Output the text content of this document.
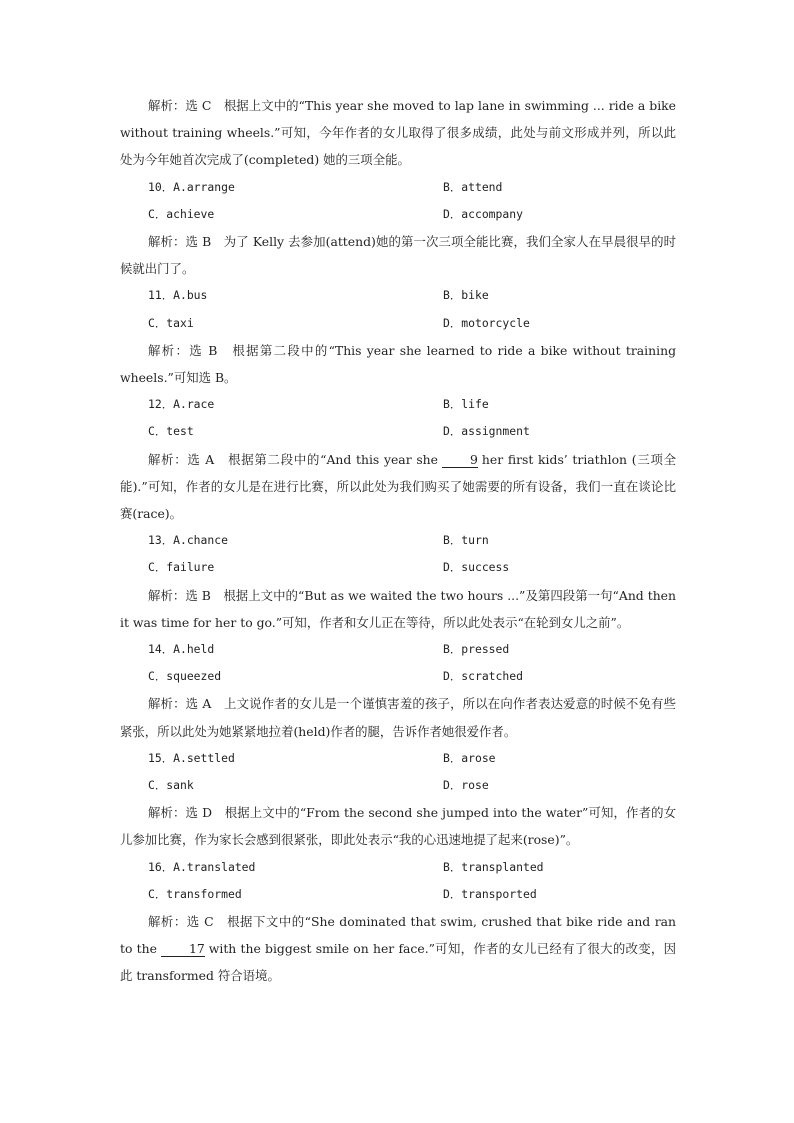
解析：选 C　根据上文中的“This year she moved to lap lane in swimming ... ride a bike without training wheels.”可知，今年作者的女儿取得了很多成绩，此处与前文形成并列，所以此处为今年她首次完成了(completed) 她的三项全能。

10．A.arrange	B．attend
C．achieve	D．accompany

解析：选 B　为了 Kelly 去参加(attend)她的第一次三项全能比赛，我们全家人在早晨很早的时候就出门了。

11．A.bus	B．bike
C．taxi	D．motorcycle

解析：选 B　根据第二段中的“This year she learned to ride a bike without training wheels.”可知选 B。

12．A.race	B．life
C．test	D．assignment

解析：选 A　根据第二段中的“And this year she	9 her first kids’ triathlon (三项全能).”可知，作者的女儿是在进行比赛，所以此处为我们购买了她需要的所有设备，我们一直在谈论比赛(race)。

13．A.chance	B．turn
C．failure	D．success

解析：选 B　根据上文中的“But as we waited the two hours ...”及第四段第一句“And then it was time for her to go.”可知，作者和女儿正在等待，所以此处表示“在轮到女儿之前”。

14．A.held	B．pressed
C．squeezed	D．scratched

解析：选 A　上文说作者的女儿是一个谨慎害羞的孩子，所以在向作者表达爱意的时候不免有些紧张，所以此处为她紧紧地拉着(held)作者的腿，告诉作者她很爱作者。

15．A.settled	B．arose
C．sank	D．rose

解析：选 D　根据上文中的“From the second she jumped into the water”可知，作者的女儿参加比赛，作为家长会感到很紧张，即此处表示“我的心迅速地提了起来(rose)”。

16．A.translated	B．transplanted
C．transformed	D．transported

解析：选 C　根据下文中的“She dominated that swim, crushed that bike ride and ran to the	17 with the biggest smile on her face.”可知，作者的女儿已经有了很大的改变，因此 transformed 符合语境。
